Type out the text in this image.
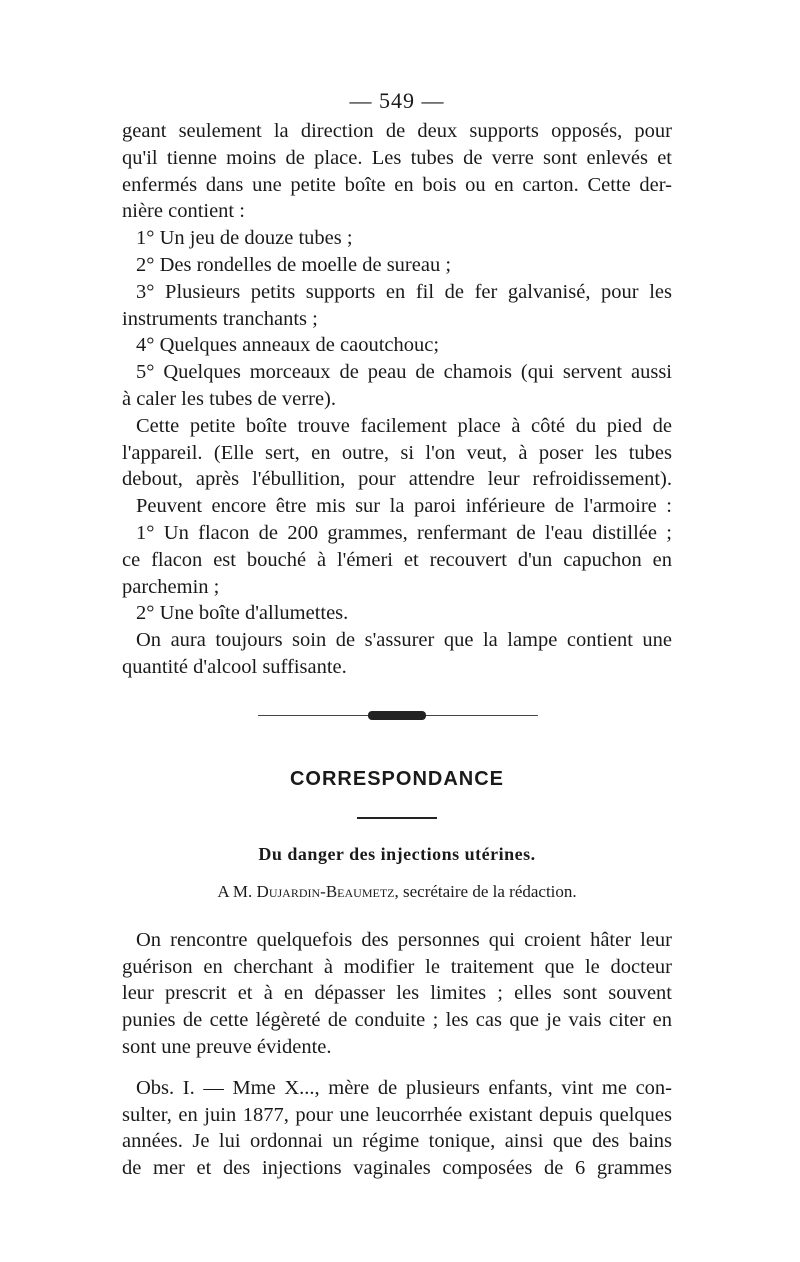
— 549 —
geant seulement la direction de deux supports opposés, pour
qu'il tienne moins de place. Les tubes de verre sont enlevés et
enfermés dans une petite boîte en bois ou en carton. Cette der-
nière contient :
1° Un jeu de douze tubes ;
2° Des rondelles de moelle de sureau ;
3° Plusieurs petits supports en fil de fer galvanisé, pour les
instruments tranchants ;
4° Quelques anneaux de caoutchouc;
5° Quelques morceaux de peau de chamois (qui servent aussi
à caler les tubes de verre).
Cette petite boîte trouve facilement place à côté du pied de
l'appareil. (Elle sert, en outre, si l'on veut, à poser les tubes
debout, après l'ébullition, pour attendre leur refroidissement).
Peuvent encore être mis sur la paroi inférieure de l'armoire :
1° Un flacon de 200 grammes, renfermant de l'eau distillée ;
ce flacon est bouché à l'émeri et recouvert d'un capuchon en
parchemin ;
2° Une boîte d'allumettes.
On aura toujours soin de s'assurer que la lampe contient une
quantité d'alcool suffisante.
CORRESPONDANCE
Du danger des injections utérines.
A M. Dujardin-Beaumetz, secrétaire de la rédaction.
On rencontre quelquefois des personnes qui croient hâter leur
guérison en cherchant à modifier le traitement que le docteur
leur prescrit et à en dépasser les limites ; elles sont souvent
punies de cette légèreté de conduite ; les cas que je vais citer en
sont une preuve évidente.
Obs. I. — Mme X..., mère de plusieurs enfants, vint me con-
sulter, en juin 1877, pour une leucorrhée existant depuis quelques
années. Je lui ordonnai un régime tonique, ainsi que des bains
de mer et des injections vaginales composées de 6 grammes
